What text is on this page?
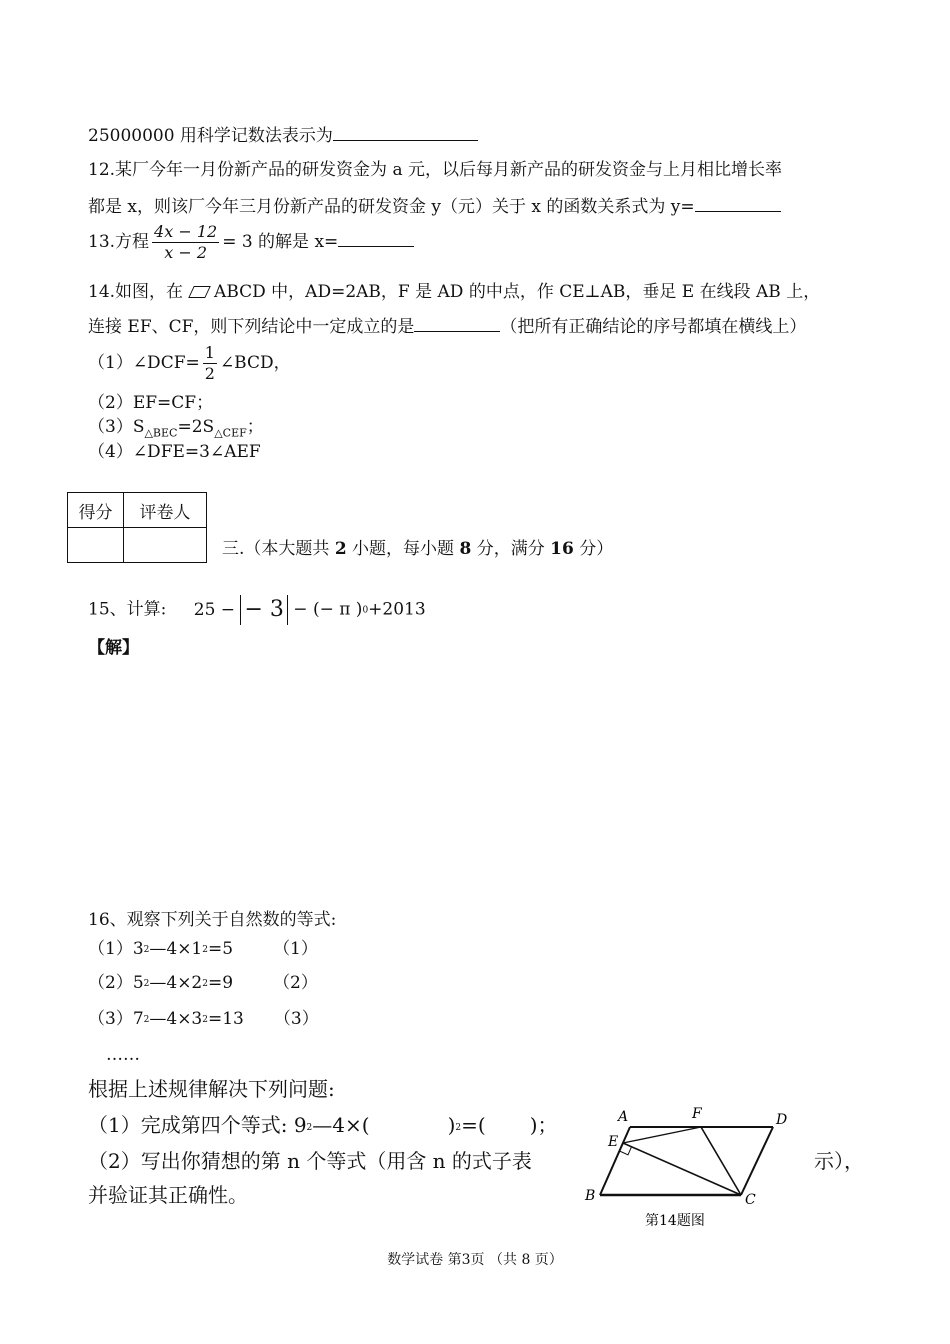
25000000 用科学记数法表示为
12.某厂今年一月份新产品的研发资金为 a 元，以后每月新产品的研发资金与上月相比增长率
都是 x，则该厂今年三月份新产品的研发资金 y（元）关于 x 的函数关系式为 y=
13.方程 $\frac{4x - 12}{x - 2} = 3$ 的解是 x=
14.如图，在 ABCD 中，AD=2AB，F 是 AD 的中点，作 CE⊥AB，垂足 E 在线段 AB 上，
连接 EF、CF，则下列结论中一定成立的是	（把所有正确结论的序号都填在横线上）
（1）∠DCF= $\frac{1}{2}$ ∠BCD，
（2）EF=CF；
$(3)S_{\triangle BEC}=2S_{\triangle CEF}$；
（4）∠DFE=3∠AEF
得分	评卷人

三.（本大题共 2 小题，每小题 8 分，满分 16 分）
15、计算: 25 − − 3 − (− π )0+2013
【解】
16、观察下列关于自然数的等式:
（1）32—4×12=5 （1）
（2）52—4×22=9 （2）
（3）72—4×32=13 （3）
……
根据上述规律解决下列问题:
（1）完成第四个等式: 92—4×(	)2=( )；
（2）写出你猜想的第 n 个等式（用含 n 的式子表	示），
并验证其正确性。
A	F	D
E
B	C
第14题图
数学试卷 第3页 （共 8 页）
